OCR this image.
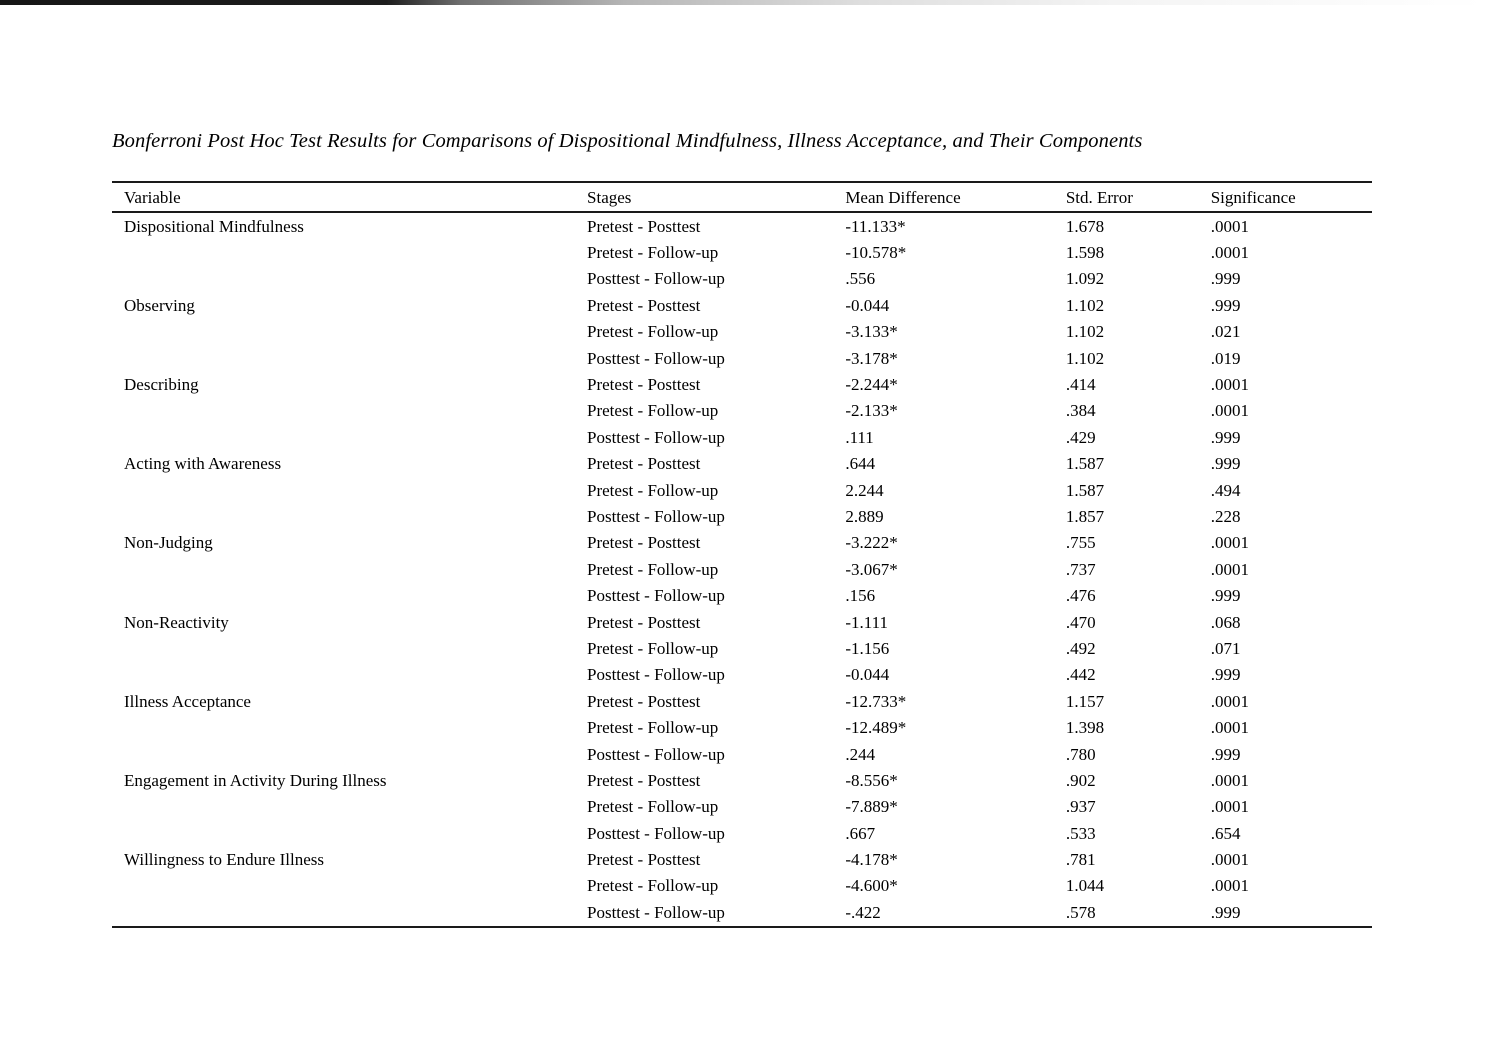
Bonferroni Post Hoc Test Results for Comparisons of Dispositional Mindfulness, Illness Acceptance, and Their Components
Variable	Stages	Mean Difference	Std. Error	Significance
Dispositional Mindfulness	Pretest - Posttest	-11.133*	1.678	.0001
Pretest - Follow-up	-10.578*	1.598	.0001
Posttest - Follow-up	.556	1.092	.999
Observing	Pretest - Posttest	-0.044	1.102	.999
Pretest - Follow-up	-3.133*	1.102	.021
Posttest - Follow-up	-3.178*	1.102	.019
Describing	Pretest - Posttest	-2.244*	.414	.0001
Pretest - Follow-up	-2.133*	.384	.0001
Posttest - Follow-up	.111	.429	.999
Acting with Awareness	Pretest - Posttest	.644	1.587	.999
Pretest - Follow-up	2.244	1.587	.494
Posttest - Follow-up	2.889	1.857	.228
Non-Judging	Pretest - Posttest	-3.222*	.755	.0001
Pretest - Follow-up	-3.067*	.737	.0001
Posttest - Follow-up	.156	.476	.999
Non-Reactivity	Pretest - Posttest	-1.111	.470	.068
Pretest - Follow-up	-1.156	.492	.071
Posttest - Follow-up	-0.044	.442	.999
Illness Acceptance	Pretest - Posttest	-12.733*	1.157	.0001
Pretest - Follow-up	-12.489*	1.398	.0001
Posttest - Follow-up	.244	.780	.999
Engagement in Activity During Illness	Pretest - Posttest	-8.556*	.902	.0001
Pretest - Follow-up	-7.889*	.937	.0001
Posttest - Follow-up	.667	.533	.654
Willingness to Endure Illness	Pretest - Posttest	-4.178*	.781	.0001
Pretest - Follow-up	-4.600*	1.044	.0001
Posttest - Follow-up	-.422	.578	.999
